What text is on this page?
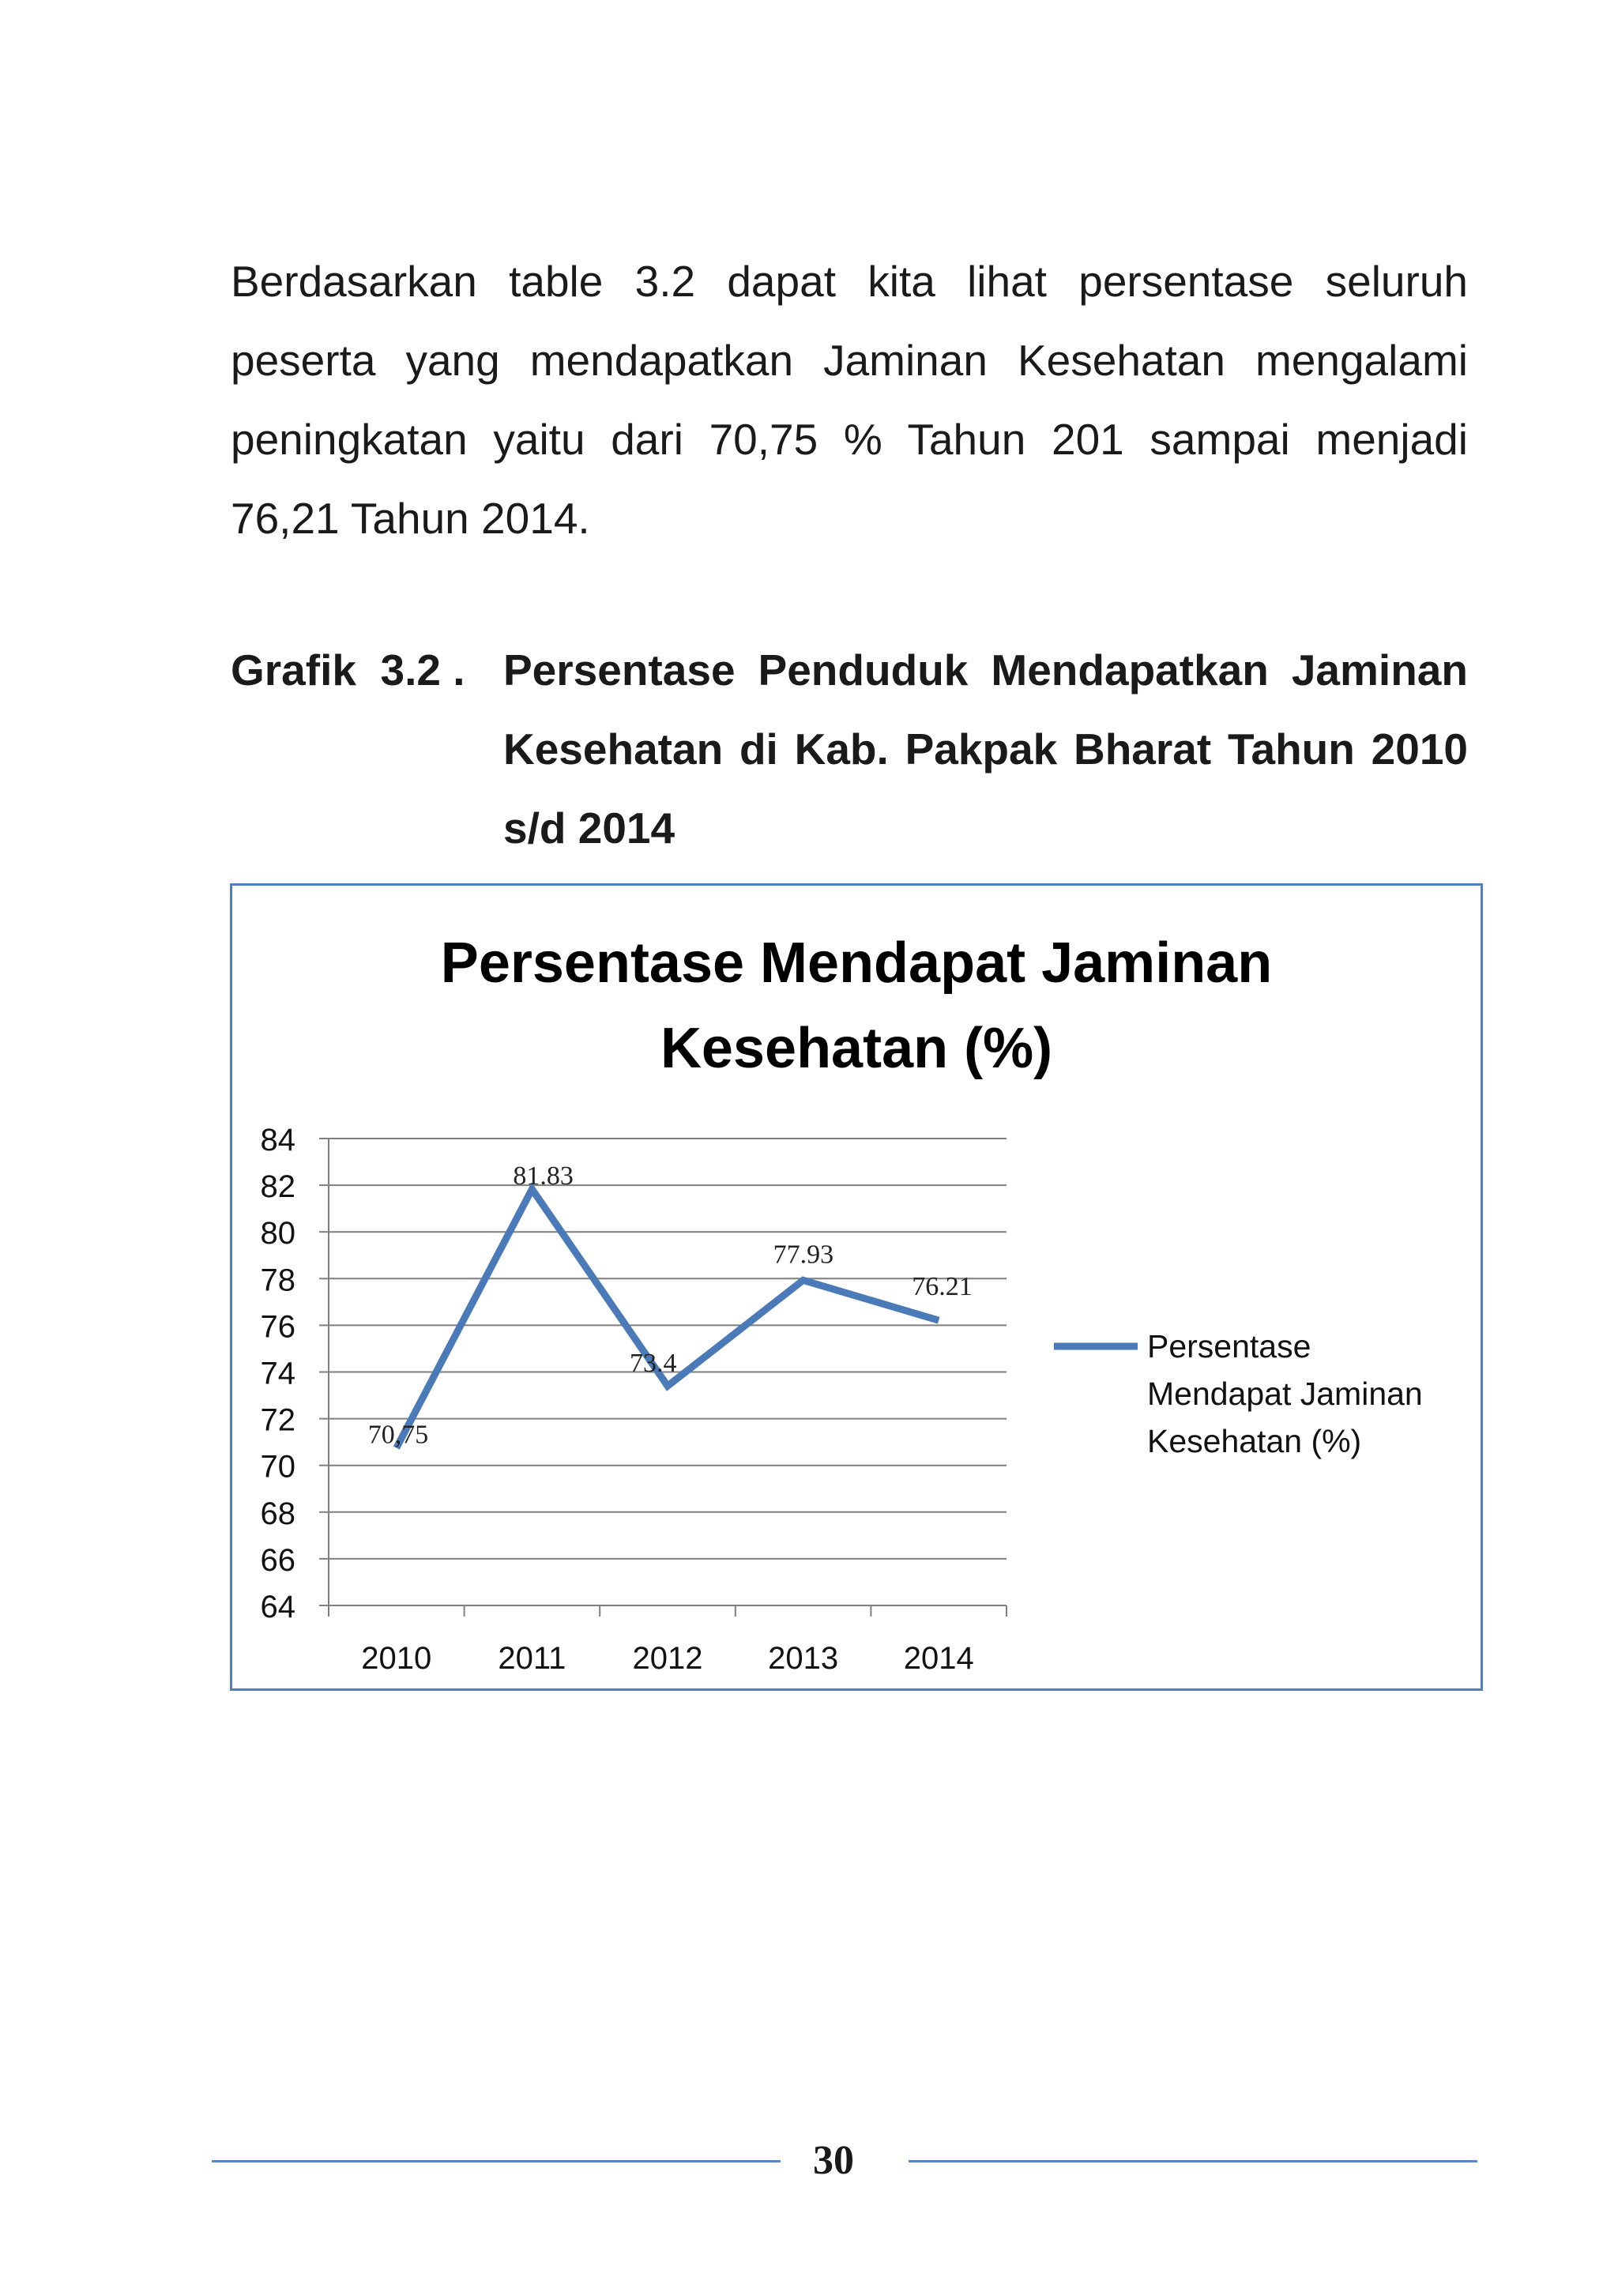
Berdasarkan table 3.2 dapat kita lihat persentase seluruh peserta yang mendapatkan Jaminan Kesehatan mengalami peningkatan yaitu dari 70,75 % Tahun 201 sampai menjadi 76,21 Tahun 2014.

Grafik  3.2 . Persentase Penduduk Mendapatkan Jaminan Kesehatan di Kab. Pakpak Bharat Tahun 2010 s/d 2014
Persentase Mendapat Jaminan
Kesehatan (%)
64
66
68
70
72
74
76
78
80
82
84
2010 2011 2012 2013 2014
70,75
81.83
73.4
77.93
76.21
Persentase
Mendapat Jaminan
Kesehatan (%)
30
